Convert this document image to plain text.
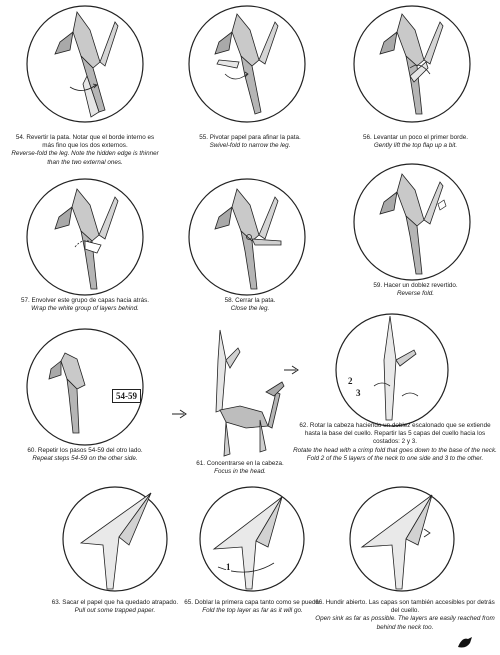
54. Revertir la pata. Notar que el borde interno es más fino que los dos externos.
Reverse-fold the leg. Note the hidden edge is thinner than the two external ones.
55. Pivotar papel para afinar la pata.
Swivel-fold to narrow the leg.
56. Levantar un poco el primer borde.
Gently lift the top flap up a bit.
57. Envolver este grupo de capas hacia atrás.
Wrap the white group of layers behind.
58. Cerrar la pata.
Close the leg.
59. Hacer un doblez revertido.
Reverse fold.
54-59
60. Repetir los pasos 54-59 del otro lado.
Repeat steps 54-59 on the other side.
61. Concentrarse en la cabeza.
Focus in the head.
2
3
62. Rotar la cabeza haciendo un doblez escalonado que se extiende hasta la base del cuello. Repartir las 5 capas del cuello hacia los costados: 2 y 3.
Rotate the head with a crimp fold that goes down to the base of the neck. Fold 2 of the 5 layers of the neck to one side and 3 to the other.
63. Sacar el papel que ha quedado atrapado.
Pull out some trapped paper.
1
65. Doblar la primera capa tanto como se pueda.
Fold the top layer as far as it will go.
66. Hundir abierto. Las capas son también accesibles por detrás del cuello.
Open sink as far as possible. The layers are easily reached from behind the neck too.
